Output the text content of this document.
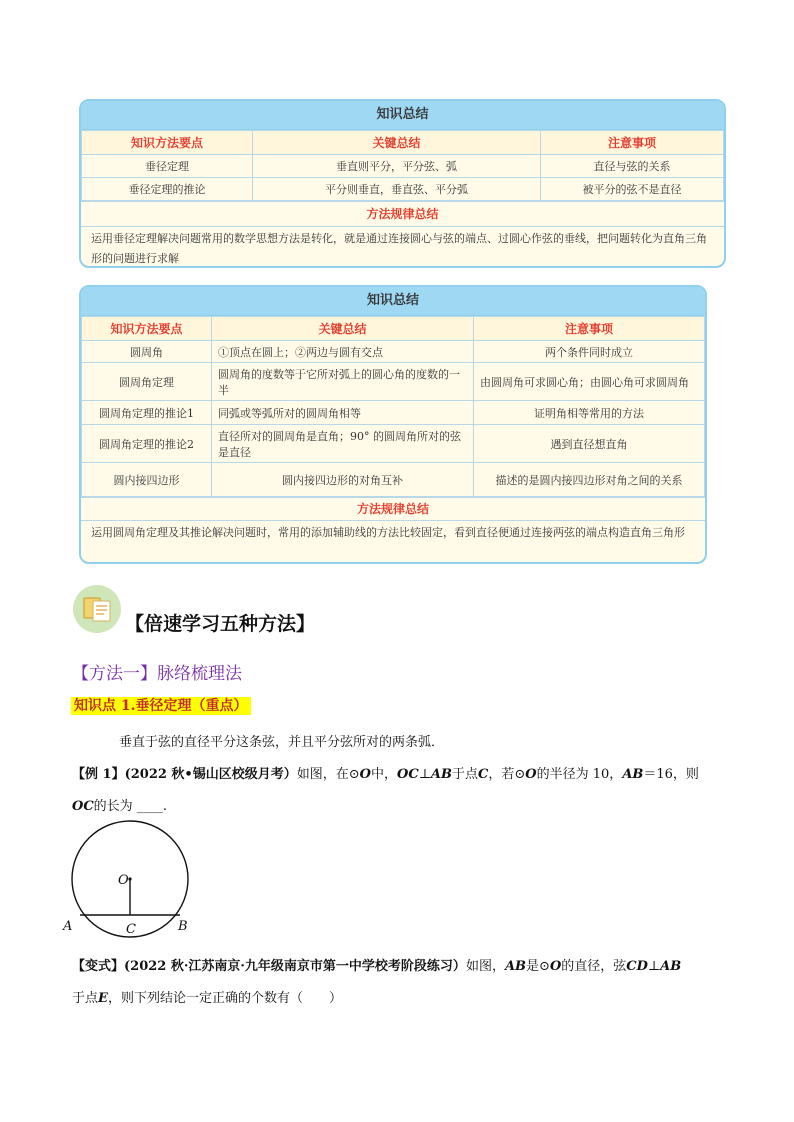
知识总结
知识方法要点	关键总结	注意事项
垂径定理	垂直则平分，平分弦、弧	直径与弦的关系
垂径定理的推论	平分则垂直，垂直弦、平分弧	被平分的弦不是直径
方法规律总结
运用垂径定理解决问题常用的数学思想方法是转化，就是通过连接圆心与弦的端点、过圆心作弦的垂线，把问题转化为直角三角形的问题进行求解
知识总结
知识方法要点	关键总结	注意事项
圆周角	①顶点在圆上；②两边与圆有交点	两个条件同时成立
圆周角定理	圆周角的度数等于它所对弧上的圆心角的度数的一半	由圆周角可求圆心角；由圆心角可求圆周角
圆周角定理的推论1	同弧或等弧所对的圆周角相等	证明角相等常用的方法
圆周角定理的推论2	直径所对的圆周角是直角；90° 的圆周角所对的弦是直径	遇到直径想直角
圆内接四边形	圆内接四边形的对角互补	描述的是圆内接四边形对角之间的关系
方法规律总结
运用圆周角定理及其推论解决问题时，常用的添加辅助线的方法比较固定，看到直径便通过连接两弦的端点构造直角三角形
【倍速学习五种方法】
【方法一】脉络梳理法
知识点 1.垂径定理（重点）
垂直于弦的直径平分这条弦，并且平分弦所对的两条弧．
【例 1】(2022 秋•锡山区校级月考）如图，在⊙O中，OC⊥AB于点C，若⊙O的半径为 10，AB＝16，则
OC的长为 ____.
O
A	B
C
【变式】(2022 秋·江苏南京·九年级南京市第一中学校考阶段练习）如图，AB是⊙O的直径，弦CD⊥AB
于点E，则下列结论一定正确的个数有（　　）
